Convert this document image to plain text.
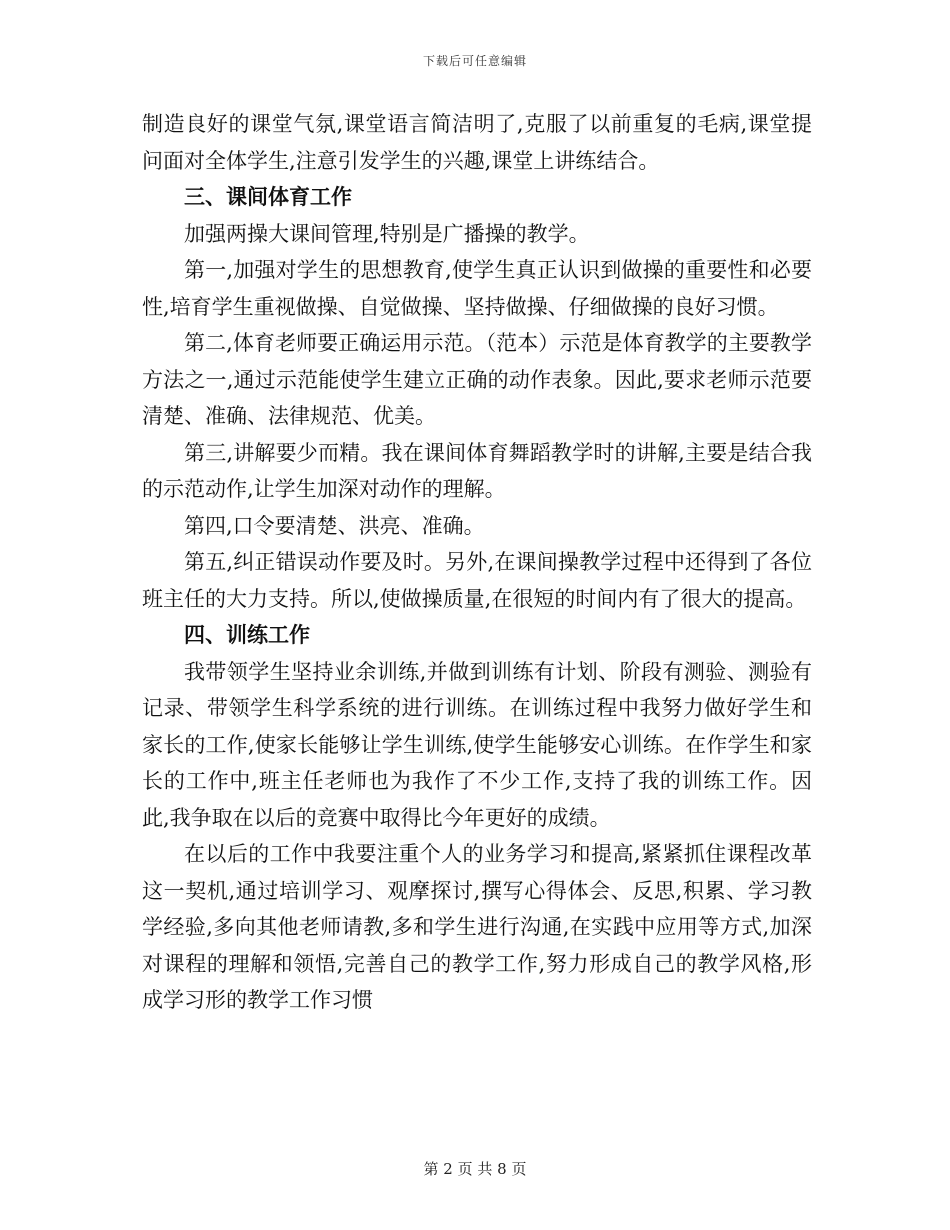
下载后可任意编辑

制造良好的课堂气氛,课堂语言简洁明了,克服了以前重复的毛病,课堂提问面对全体学生,注意引发学生的兴趣,课堂上讲练结合。

三、课间体育工作

加强两操大课间管理,特别是广播操的教学。

第一,加强对学生的思想教育,使学生真正认识到做操的重要性和必要性,培育学生重视做操、自觉做操、坚持做操、仔细做操的良好习惯。

第二,体育老师要正确运用示范。（范本）示范是体育教学的主要教学方法之一,通过示范能使学生建立正确的动作表象。因此,要求老师示范要清楚、准确、法律规范、优美。

第三,讲解要少而精。我在课间体育舞蹈教学时的讲解,主要是结合我的示范动作,让学生加深对动作的理解。

第四,口令要清楚、洪亮、准确。

第五,纠正错误动作要及时。另外,在课间操教学过程中还得到了各位班主任的大力支持。所以,使做操质量,在很短的时间内有了很大的提高。

四、训练工作

我带领学生坚持业余训练,并做到训练有计划、阶段有测验、测验有记录、带领学生科学系统的进行训练。在训练过程中我努力做好学生和家长的工作,使家长能够让学生训练,使学生能够安心训练。在作学生和家长的工作中,班主任老师也为我作了不少工作,支持了我的训练工作。因此,我争取在以后的竞赛中取得比今年更好的成绩。

在以后的工作中我要注重个人的业务学习和提高,紧紧抓住课程改革这一契机,通过培训学习、观摩探讨,撰写心得体会、反思,积累、学习教学经验,多向其他老师请教,多和学生进行沟通,在实践中应用等方式,加深对课程的理解和领悟,完善自己的教学工作,努力形成自己的教学风格,形成学习形的教学工作习惯

第 2 页 共 8 页
